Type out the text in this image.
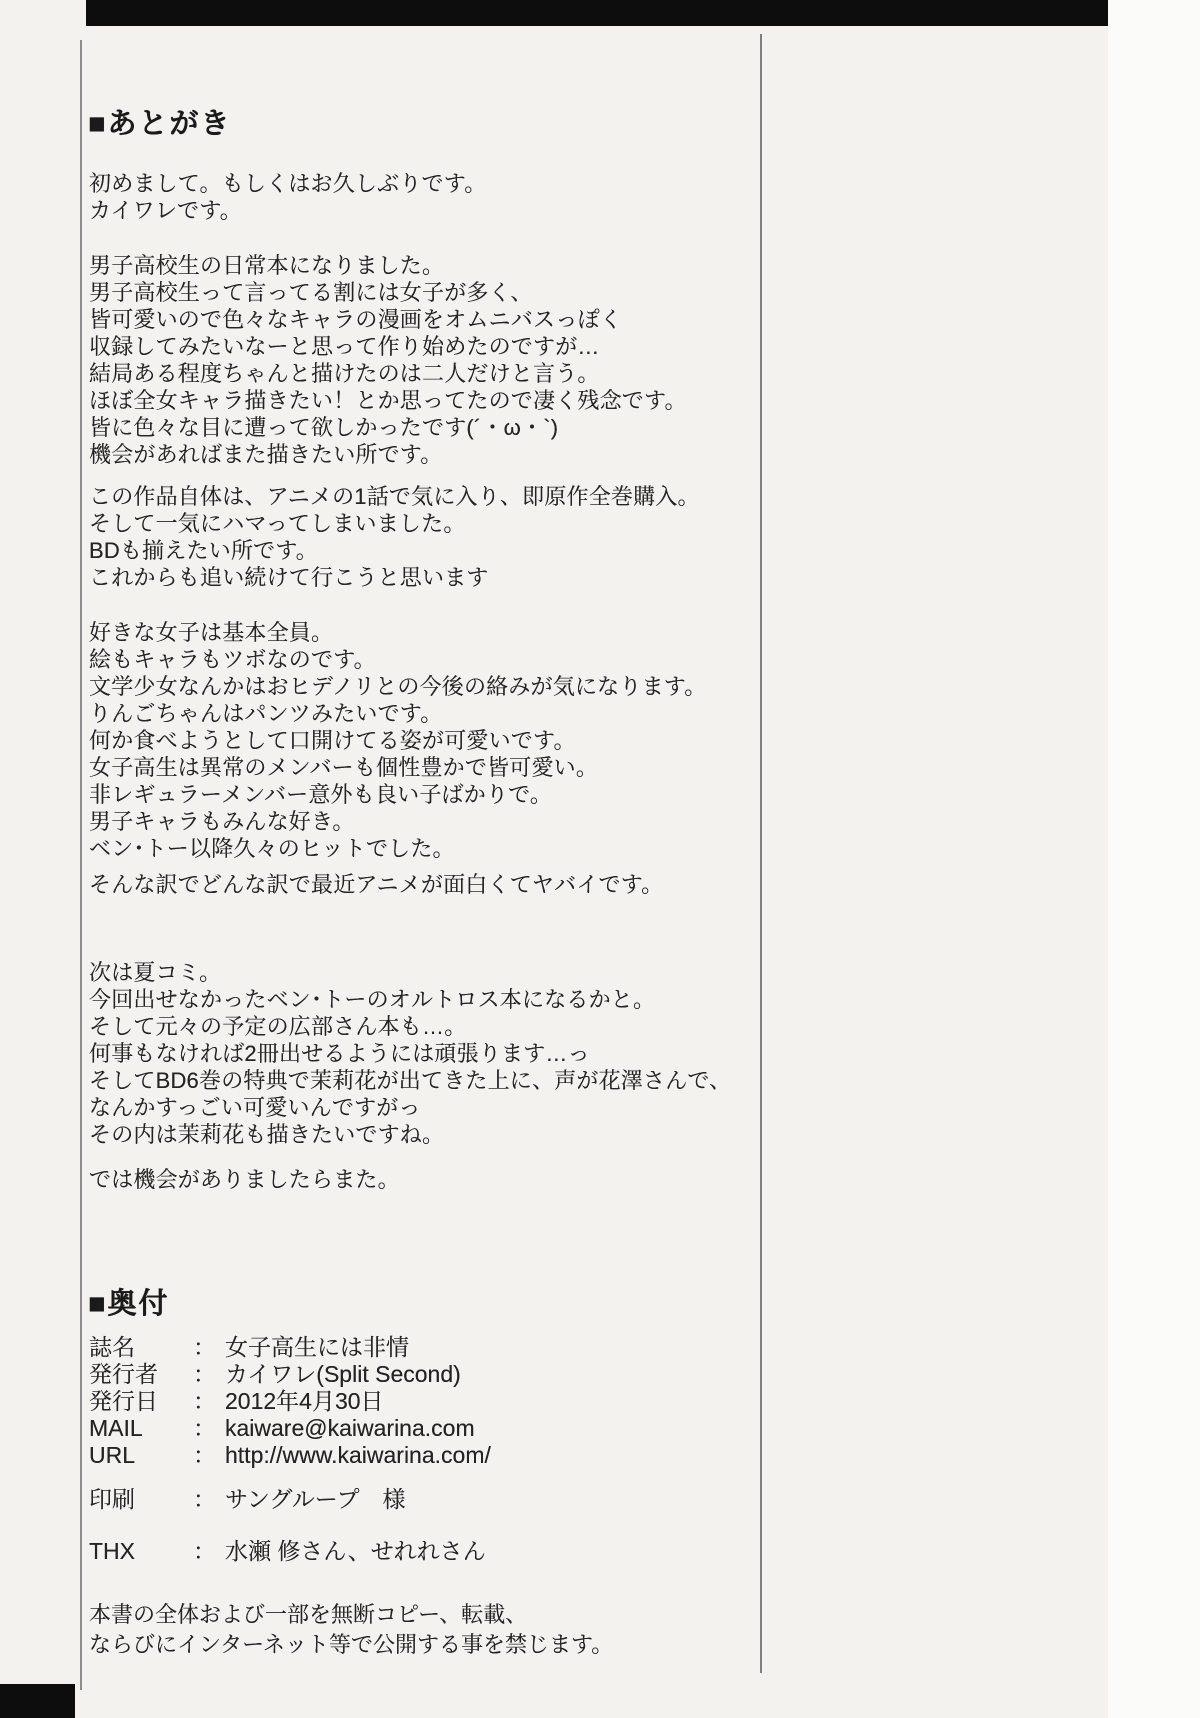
■あとがき
初めまして。もしくはお久しぶりです。
カイワレです。
男子高校生の日常本になりました。
男子高校生って言ってる割には女子が多く、
皆可愛いので色々なキャラの漫画をオムニバスっぽく
収録してみたいなーと思って作り始めたのですが…
結局ある程度ちゃんと描けたのは二人だけと言う。
ほぼ全女キャラ描きたい！とか思ってたので凄く残念です。
皆に色々な目に遭って欲しかったです(´・ω・`)
機会があればまた描きたい所です。
この作品自体は、アニメの1話で気に入り、即原作全巻購入。
そして一気にハマってしまいました。
BDも揃えたい所です。
これからも追い続けて行こうと思います
好きな女子は基本全員。
絵もキャラもツボなのです。
文学少女なんかはおヒデノリとの今後の絡みが気になります。
りんごちゃんはパンツみたいです。
何か食べようとして口開けてる姿が可愛いです。
女子高生は異常のメンバーも個性豊かで皆可愛い。
非レギュラーメンバー意外も良い子ばかりで。
男子キャラもみんな好き。
ベン･トー以降久々のヒットでした。
そんな訳でどんな訳で最近アニメが面白くてヤバイです。
次は夏コミ。
今回出せなかったベン･トーのオルトロス本になるかと。
そして元々の予定の広部さん本も…。
何事もなければ2冊出せるようには頑張ります…っ
そしてBD6巻の特典で茉莉花が出てきた上に、声が花澤さんで、
なんかすっごい可愛いんですがっ
その内は茉莉花も描きたいですね。
では機会がありましたらまた。
■奥付
誌名	： 女子高生には非情
発行者	： カイワレ(Split Second)
発行日	： 2012年4月30日
MAIL	： kaiware@kaiwarina.com
URL	： http://www.kaiwarina.com/
印刷	： サングループ　様
THX	： 水瀬 修さん、せれれさん
本書の全体および一部を無断コピー、転載、
ならびにインターネット等で公開する事を禁じます。
